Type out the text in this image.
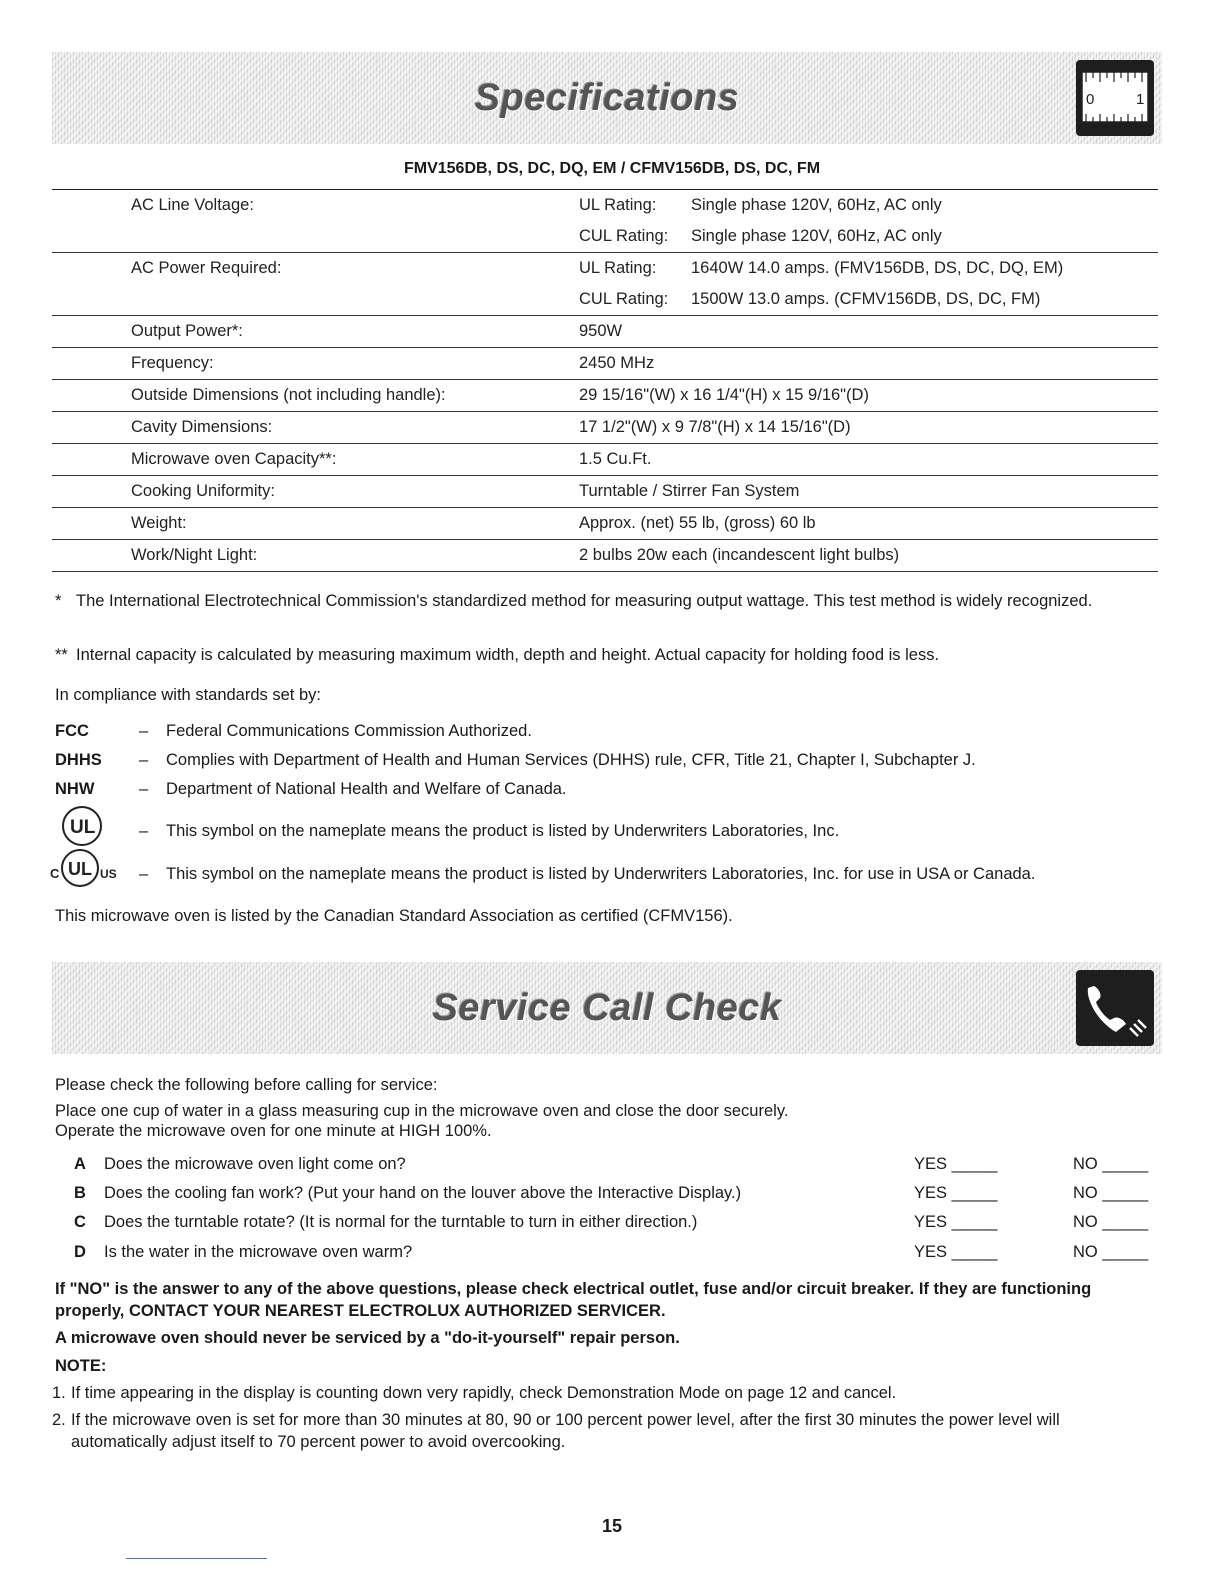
Specifications	0	1
FMV156DB, DS, DC, DQ, EM / CFMV156DB, DS, DC, FM
AC Line Voltage:	UL Rating:	Single phase 120V, 60Hz, AC only
	CUL Rating:	Single phase 120V, 60Hz, AC only
AC Power Required:	UL Rating:	1640W 14.0 amps. (FMV156DB, DS, DC, DQ, EM)
	CUL Rating:	1500W 13.0 amps. (CFMV156DB, DS, DC, FM)
Output Power*:	950W	
Frequency:	2450 MHz	
Outside Dimensions (not including handle):	29 15/16"(W) x 16 1/4"(H) x 15 9/16"(D)	
Cavity Dimensions:	17 1/2"(W) x 9 7/8"(H) x 14 15/16"(D)	
Microwave oven Capacity**:	1.5 Cu.Ft.	
Cooking Uniformity:	Turntable / Stirrer Fan System	
Weight:	Approx. (net) 55 lb, (gross) 60 lb	
Work/Night Light:	2 bulbs 20w each (incandescent light bulbs)	
* The International Electrotechnical Commission's standardized method for measuring output wattage. This test method is widely recognized.
** Internal capacity is calculated by measuring maximum width, depth and height. Actual capacity for holding food is less.
In compliance with standards set by:
FCC	– Federal Communications Commission Authorized.
DHHS – Complies with Department of Health and Human Services (DHHS) rule, CFR, Title 21, Chapter I, Subchapter J.
NHW	– Department of National Health and Welfare of Canada.
UL	– This symbol on the nameplate means the product is listed by Underwriters Laboratories, Inc.
C UL US – This symbol on the nameplate means the product is listed by Underwriters Laboratories, Inc. for use in USA or Canada.
This microwave oven is listed by the Canadian Standard Association as certified (CFMV156).
Service Call Check
Please check the following before calling for service:
Place one cup of water in a glass measuring cup in the microwave oven and close the door securely.
Operate the microwave oven for one minute at HIGH 100%.
A Does the microwave oven light come on?	YES _____	NO _____
B Does the cooling fan work? (Put your hand on the louver above the Interactive Display.)	YES _____	NO _____
C Does the turntable rotate? (It is normal for the turntable to turn in either direction.)	YES _____	NO _____
D Is the water in the microwave oven warm?	YES _____	NO _____
If "NO" is the answer to any of the above questions, please check electrical outlet, fuse and/or circuit breaker. If they are functioning properly, CONTACT YOUR NEAREST ELECTROLUX AUTHORIZED SERVICER.
A microwave oven should never be serviced by a "do-it-yourself" repair person.
NOTE:
1. If time appearing in the display is counting down very rapidly, check Demonstration Mode on page 12 and cancel.
2. If the microwave oven is set for more than 30 minutes at 80, 90 or 100 percent power level, after the first 30 minutes the power level will automatically adjust itself to 70 percent power to avoid overcooking.
15
